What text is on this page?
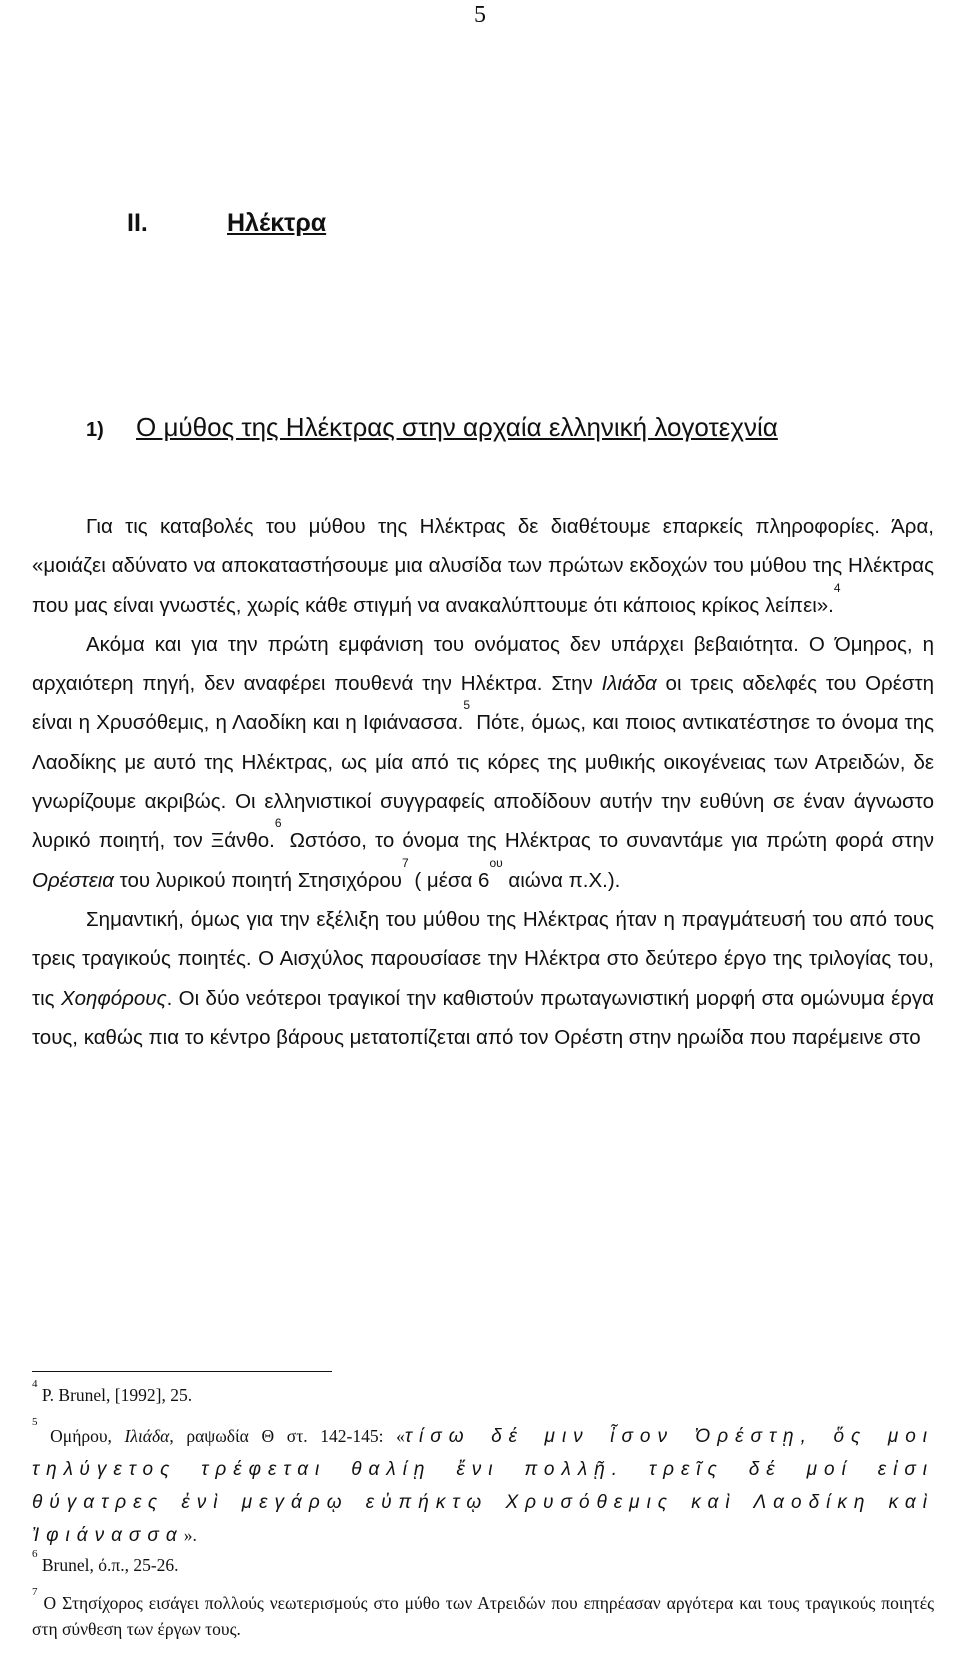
5
II.	Ηλέκτρα
1) Ο μύθος της Ηλέκτρας στην αρχαία ελληνική λογοτεχνία

Για τις καταβολές του μύθου της Ηλέκτρας δε διαθέτουμε επαρκείς πληροφορίες. Άρα, «μοιάζει αδύνατο να αποκαταστήσουμε μια αλυσίδα των πρώτων εκδοχών του μύθου της Ηλέκτρας που μας είναι γνωστές, χωρίς κάθε στιγμή να ανακαλύπτουμε ότι κάποιος κρίκος λείπει».$^4$

Ακόμα και για την πρώτη εμφάνιση του ονόματος δεν υπάρχει βεβαιότητα. Ο Όμηρος, η αρχαιότερη πηγή, δεν αναφέρει πουθενά την Ηλέκτρα. Στην Ιλιάδα οι τρεις αδελφές του Ορέστη είναι η Χρυσόθεμις, η Λαοδίκη και η Ιφιάνασσα.$^5$ Πότε, όμως, και ποιος αντικατέστησε το όνομα της Λαοδίκης με αυτό της Ηλέκτρας, ως μία από τις κόρες της μυθικής οικογένειας των Ατρειδών, δε γνωρίζουμε ακριβώς. Οι ελληνιστικοί συγγραφείς αποδίδουν αυτήν την ευθύνη σε έναν άγνωστο λυρικό ποιητή, τον Ξάνθο.$^6$ Ωστόσο, το όνομα της Ηλέκτρας το συναντάμε για πρώτη φορά στην Ορέστεια του λυρικού ποιητή Στησιχόρου$^7$ ( μέσα $6^{o\upsilon}$ αιώνα π.Χ.).

Σημαντική, όμως για την εξέλιξη του μύθου της Ηλέκτρας ήταν η πραγμάτευσή του από τους τρεις τραγικούς ποιητές. Ο Αισχύλος παρουσίασε την Ηλέκτρα στο δεύτερο έργο της τριλογίας του, τις Χοηφόρους. Οι δύο νεότεροι τραγικοί την καθιστούν πρωταγωνιστική μορφή στα ομώνυμα έργα τους, καθώς πια το κέντρο βάρους μετατοπίζεται από τον Ορέστη στην ηρωίδα που παρέμεινε στο

$^4$ P. Brunel, [1992], 25.

$^5$ Ομήρου, Ιλιάδα, ραψωδία Θ στ. 142-145: «τίσω δέ μιν ἶσον Ὀρέστῃ, ὅς μοι τηλύγετος τρέφεται θαλίῃ ἔνι πολλῇ. τρεῖς δέ μοί εἰσι θύγατρες ἐνὶ μεγάρῳ εὐπήκτῳ Χρυσόθεμις καὶ Λαοδίκη καὶ Ἰφιάνασσα».

$^6$ Brunel, ό.π., 25-26.

$^7$ Ο Στησίχορος εισάγει πολλούς νεωτερισμούς στο μύθο των Ατρειδών που επηρέασαν αργότερα και τους τραγικούς ποιητές στη σύνθεση των έργων τους.
